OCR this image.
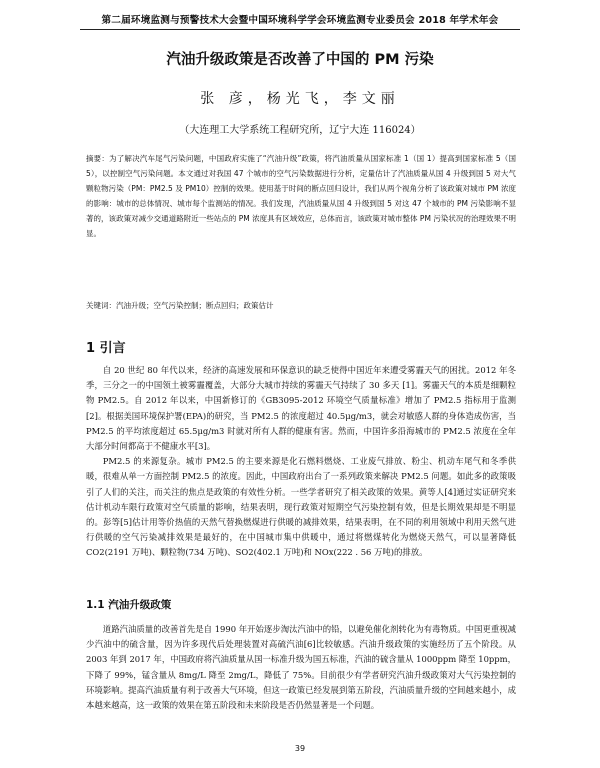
第二届环境监测与预警技术大会暨中国环境科学学会环境监测专业委员会 2018 年学术年会
汽油升级政策是否改善了中国的 PM 污染
张 彦，杨光飞，李文丽
（大连理工大学系统工程研究所，辽宁大连 116024）
摘要：为了解决汽车尾气污染问题，中国政府实施了“汽油升级”政策，将汽油质量从国家标准 1（国 1）提高到国家标准 5（国 5），以控制空气污染问题。本文通过对我国 47 个城市的空气污染数据进行分析，定量估计了汽油质量从国 4 升级到国 5 对大气颗粒物污染（PM：PM2.5 及 PM10）控制的效果。使用基于时间的断点回归设计，我们从两个视角分析了该政策对城市 PM 浓度的影响：城市的总体情况、城市每个监测站的情况。我们发现，汽油质量从国 4 升级到国 5 对这 47 个城市的 PM 污染影响不显著的，该政策对减少交通道路附近一些站点的 PM 浓度具有区域效应，总体而言，该政策对城市整体 PM 污染状况的治理效果不明显。
关键词：汽油升级；空气污染控制；断点回归；政策估计
1 引言

自 20 世纪 80 年代以来，经济的高速发展和环保意识的缺乏使得中国近年来遭受雾霾天气的困扰。2012 年冬季，三分之一的中国领土被雾霾覆盖，大部分大城市持续的雾霾天气持续了 30 多天 [1]。雾霾天气的本质是细颗粒物 PM2.5。自 2012 年以来，中国新修订的《GB3095-2012 环境空气质量标准》增加了 PM2.5 指标用于监测[2]。根据美国环境保护署(EPA)的研究，当 PM2.5 的浓度超过 40.5μg/m3，就会对敏感人群的身体造成伤害，当 PM2.5 的平均浓度超过 65.5μg/m3 时就对所有人群的健康有害。然而，中国许多沿海城市的 PM2.5 浓度在全年大部分时间都高于不健康水平[3]。

PM2.5 的来源复杂。城市 PM2.5 的主要来源是化石燃料燃烧、工业废气排放、粉尘、机动车尾气和冬季供暖，很难从单一方面控制 PM2.5 的浓度。因此，中国政府出台了一系列政策来解决 PM2.5 问题。如此多的政策吸引了人们的关注，而关注的焦点是政策的有效性分析。一些学者研究了相关政策的效果。黄等人[4]通过实证研究来估计机动车限行政策对空气质量的影响，结果表明，现行政策对短期空气污染控制有效，但是长期效果却是不明显的。彭等[5]估计用等价热值的天然气替换燃煤进行供暖的减排效果，结果表明，在不同的利用领域中利用天然气进行供暖的空气污染减排效果是最好的，在中国城市集中供暖中，通过将燃煤转化为燃烧天然气，可以显著降低 CO2(2191 万吨)、颗粒物(734 万吨)、SO2(402.1 万吨)和 NOx(222 . 56 万吨)的排放。

1.1 汽油升级政策

道路汽油质量的改善首先是自 1990 年开始逐步淘汰汽油中的铅，以避免催化剂转化为有毒物质。中国更重视减少汽油中的硫含量，因为许多现代后处理装置对高硫汽油[6]比较敏感。汽油升级政策的实施经历了五个阶段。从 2003 年到 2017 年，中国政府将汽油质量从国一标准升级为国五标准，汽油的硫含量从 1000ppm 降至 10ppm，下降了 99%，锰含量从 8mg/L 降至 2mg/L，降低了 75%。目前很少有学者研究汽油升级政策对大气污染控制的环境影响。提高汽油质量有利于改善大气环境，但这一政策已经发展到第五阶段，汽油质量升级的空间越来越小，成本越来越高，这一政策的效果在第五阶段和未来阶段是否仍然显著是一个问题。

39
